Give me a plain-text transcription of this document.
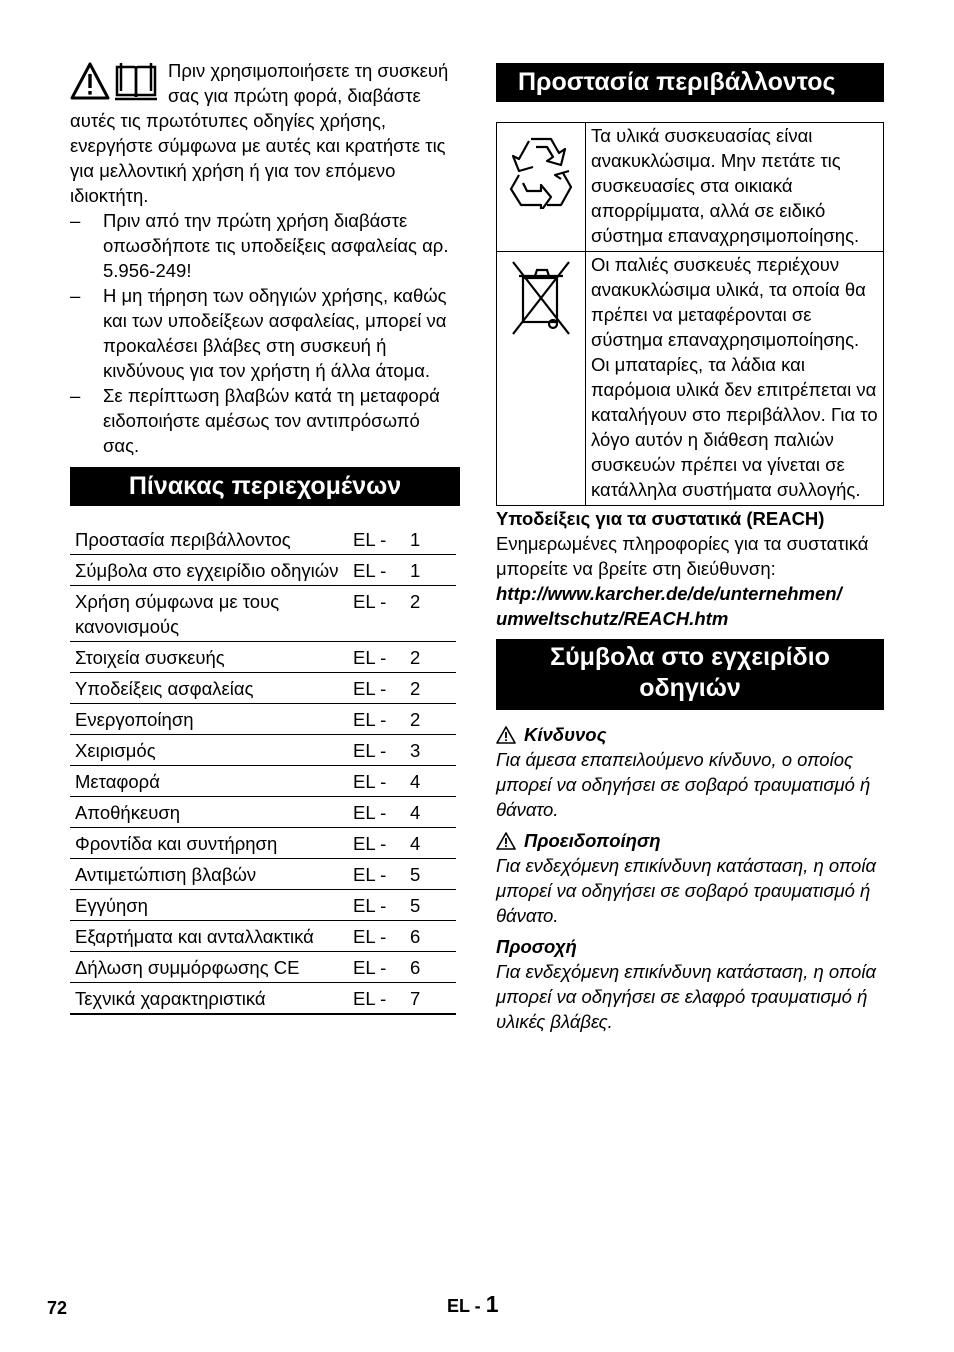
Πριν χρησιμοποιήσετε τη συσκευή σας για πρώτη φορά, διαβάστε αυτές τις πρωτότυπες οδηγίες χρήσης, ενεργήστε σύμφωνα με αυτές και κρατήστε τις για μελλοντική χρήση ή για τον επόμενο ιδιοκτήτη.

– Πριν από την πρώτη χρήση διαβάστε οπωσδήποτε τις υποδείξεις ασφαλείας αρ. 5.956-249!
– Η μη τήρηση των οδηγιών χρήσης, καθώς και των υποδείξεων ασφαλείας, μπορεί να προκαλέσει βλάβες στη συσκευή ή κινδύνους για τον χρήστη ή άλλα άτομα.
– Σε περίπτωση βλαβών κατά τη μεταφορά ειδοποιήστε αμέσως τον αντιπρόσωπό σας.
Πίνακας περιεχομένων
Προστασία περιβάλλοντος	EL -	1
Σύμβολα στο εγχειρίδιο οδηγιών	EL -	1
Χρήση σύμφωνα με τους κανονισμούς	EL -	2
Στοιχεία συσκευής	EL -	2
Υποδείξεις ασφαλείας	EL -	2
Ενεργοποίηση	EL -	2
Χειρισμός	EL -	3
Μεταφορά	EL -	4
Αποθήκευση	EL -	4
Φροντίδα και συντήρηση	EL -	4
Αντιμετώπιση βλαβών	EL -	5
Εγγύηση	EL -	5
Εξαρτήματα και ανταλλακτικά	EL -	6
Δήλωση συμμόρφωσης CE	EL -	6
Τεχνικά χαρακτηριστικά	EL -	7
Προστασία περιβάλλοντος
	Τα υλικά συσκευασίας είναι ανακυκλώσιμα. Μην πετάτε τις συσκευασίες στα οικιακά απορρίμματα, αλλά σε ειδικό σύστημα επαναχρησιμοποίησης.
	Οι παλιές συσκευές περιέχουν ανακυκλώσιμα υλικά, τα οποία θα πρέπει να μεταφέρονται σε σύστημα επαναχρησιμοποίησης. Οι μπαταρίες, τα λάδια και παρόμοια υλικά δεν επιτρέπεται να καταλήγουν στο περιβάλλον. Για το λόγο αυτόν η διάθεση παλιών συσκευών πρέπει να γίνεται σε κατάλληλα συστήματα συλλογής.
Υποδείξεις για τα συστατικά (REACH)
Ενημερωμένες πληροφορίες για τα συστατικά μπορείτε να βρείτε στη διεύθυνση:
http://www.karcher.de/de/unternehmen/
umweltschutz/REACH.htm
Σύμβολα στο εγχειρίδιο οδηγιών
Κίνδυνος
Για άμεσα επαπειλούμενο κίνδυνο, ο οποίος μπορεί να οδηγήσει σε σοβαρό τραυματισμό ή θάνατο.
Προειδοποίηση
Για ενδεχόμενη επικίνδυνη κατάσταση, η οποία μπορεί να οδηγήσει σε σοβαρό τραυματισμό ή θάνατο.
Προσοχή
Για ενδεχόμενη επικίνδυνη κατάσταση, η οποία μπορεί να οδηγήσει σε ελαφρό τραυματισμό ή υλικές βλάβες.
72	EL - 1
